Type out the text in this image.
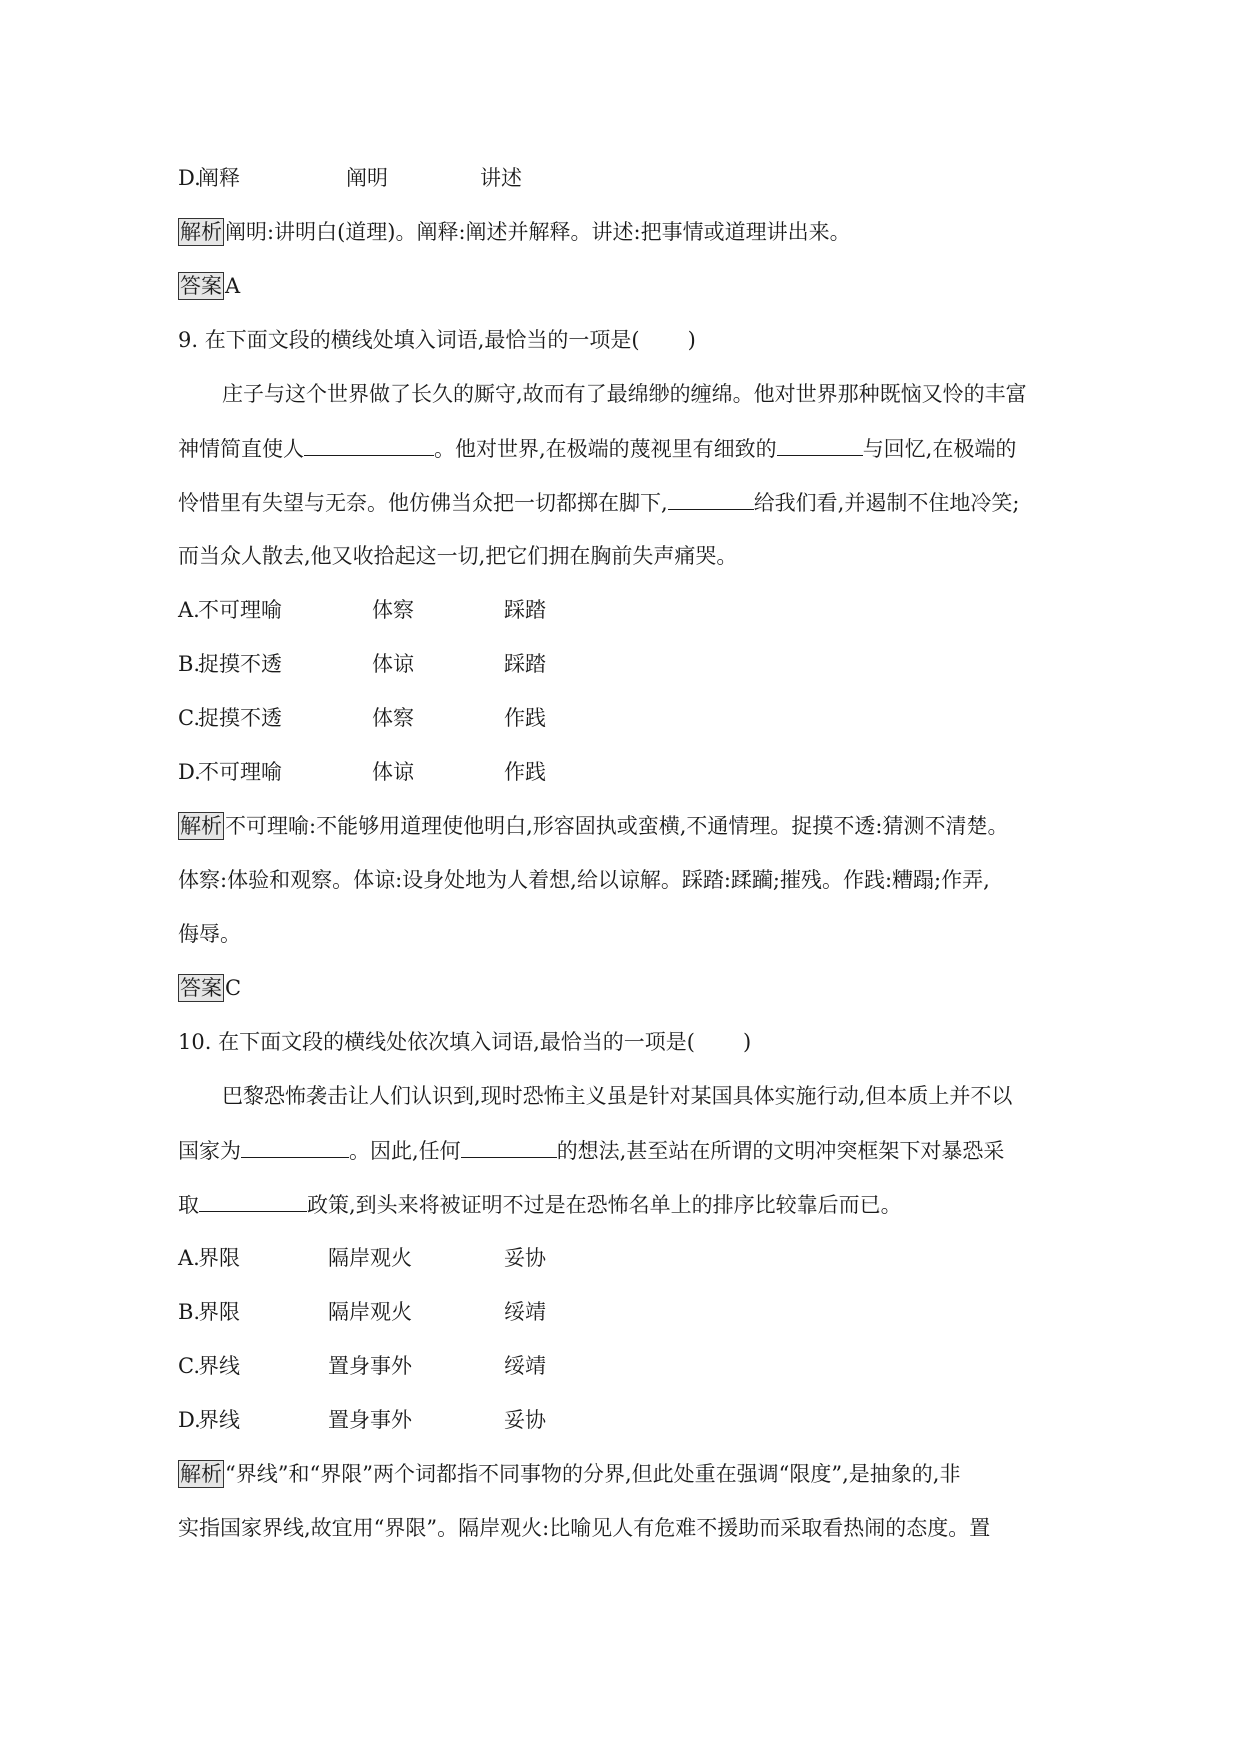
D.
阐释	阐明	讲述
解析 阐明:讲明白(道理)。阐释:阐述并解释。讲述:把事情或道理讲出来。
答案 A
9. 在下面文段的横线处填入词语,最恰当的一项是( )
庄子与这个世界做了长久的厮守,故而有了最绵缈的缠绵。他对世界那种既恼又怜的丰富
神情简直使人	。他对世界,在极端的蔑视里有细致的	与回忆,在极端的
怜惜里有失望与无奈。他仿佛当众把一切都掷在脚下,	给我们看,并遏制不住地冷笑;
而当众人散去,他又收拾起这一切,把它们拥在胸前失声痛哭。
A.
不可理喻	体察	踩踏
B.
捉摸不透	体谅	踩踏
C.
捉摸不透	体察	作践
D.
不可理喻	体谅	作践
解析 不可理喻:不能够用道理使他明白,形容固执或蛮横,不通情理。捉摸不透:猜测不清楚。
体察:体验和观察。体谅:设身处地为人着想,给以谅解。踩踏:蹂躏;摧残。作践:糟蹋;作弄,
侮辱。
答案 C
10. 在下面文段的横线处依次填入词语,最恰当的一项是( )
巴黎恐怖袭击让人们认识到,现时恐怖主义虽是针对某国具体实施行动,但本质上并不以
国家为	。因此,任何	的想法,甚至站在所谓的文明冲突框架下对暴恐采
取	政策,到头来将被证明不过是在恐怖名单上的排序比较靠后而已。
A.
界限	隔岸观火	妥协
B.
界限	隔岸观火	绥靖
C.
界线	置身事外	绥靖
D.
界线	置身事外	妥协
解析 “界线”和“界限”两个词都指不同事物的分界,但此处重在强调“限度”,是抽象的,非
实指国家界线,故宜用“界限”。隔岸观火:比喻见人有危难不援助而采取看热闹的态度。置
